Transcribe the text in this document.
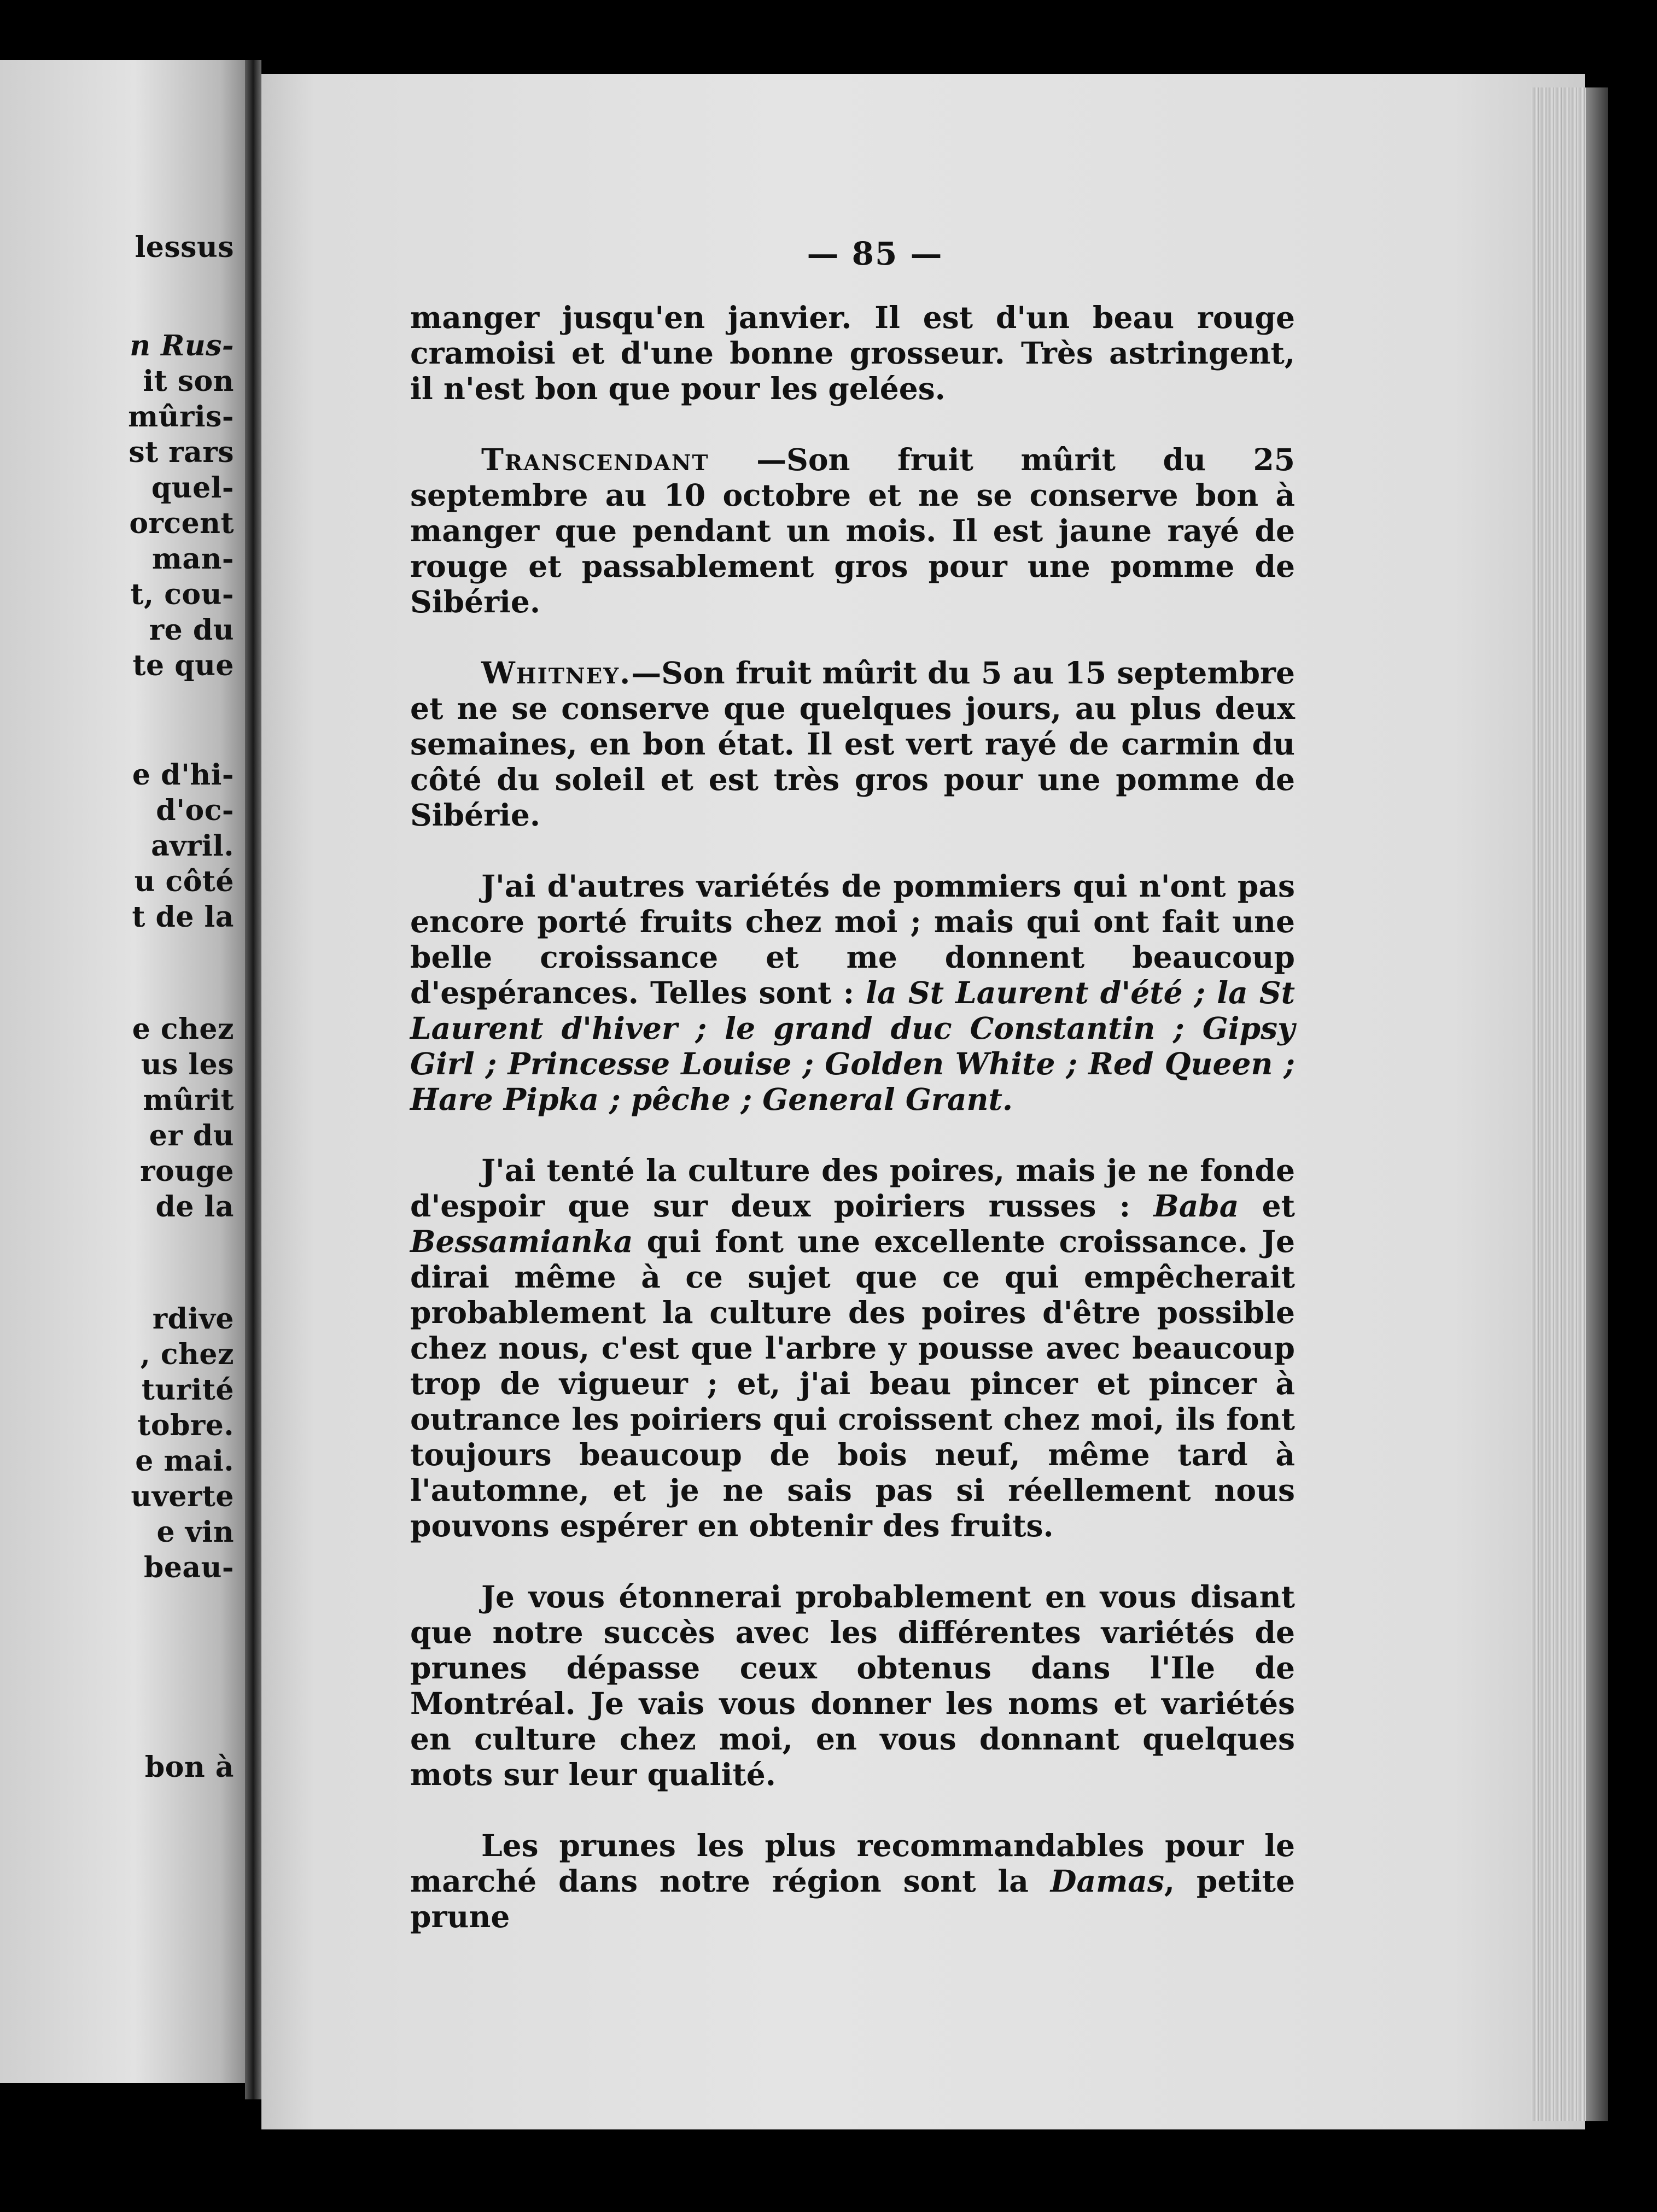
lessus
n Rus-
it son
mûris-
st rars
quel-
orcent
man-
t, cou-
re du
te que
e d'hi-
d'oc-
avril.
u côté
t de la
e chez
us les
mûrit
er du
rouge
de la
rdive
, chez
turité
tobre.
e mai.
uverte
e vin
beau-
bon à
— 85 —

manger jusqu'en janvier. Il est d'un beau rouge cramoisi et d'une bonne grosseur. Très astringent, il n'est bon que pour les gelées.

Transcendant —Son fruit mûrit du 25 septembre au 10 octobre et ne se conserve bon à manger que pendant un mois. Il est jaune rayé de rouge et passablement gros pour une pomme de Sibérie.

Whitney.—Son fruit mûrit du 5 au 15 septembre et ne se conserve que quelques jours, au plus deux semaines, en bon état. Il est vert rayé de carmin du côté du soleil et est très gros pour une pomme de Sibérie.

J'ai d'autres variétés de pommiers qui n'ont pas encore porté fruits chez moi ; mais qui ont fait une belle croissance et me donnent beaucoup d'espérances. Telles sont : la St Laurent d'été ; la St Laurent d'hiver ; le grand duc Constantin ; Gipsy Girl ; Princesse Louise ; Golden White ; Red Queen ; Hare Pipka ; pêche ; General Grant.

J'ai tenté la culture des poires, mais je ne fonde d'espoir que sur deux poiriers russes : Baba et Bessamianka qui font une excellente croissance. Je dirai même à ce sujet que ce qui empêcherait probablement la culture des poires d'être possible chez nous, c'est que l'arbre y pousse avec beaucoup trop de vigueur ; et, j'ai beau pincer et pincer à outrance les poiriers qui croissent chez moi, ils font toujours beaucoup de bois neuf, même tard à l'automne, et je ne sais pas si réellement nous pouvons espérer en obtenir des fruits.

Je vous étonnerai probablement en vous disant que notre succès avec les différentes variétés de prunes dépasse ceux obtenus dans l'Ile de Montréal. Je vais vous donner les noms et variétés en culture chez moi, en vous donnant quelques mots sur leur qualité.

Les prunes les plus recommandables pour le marché dans notre région sont la Damas, petite prune
